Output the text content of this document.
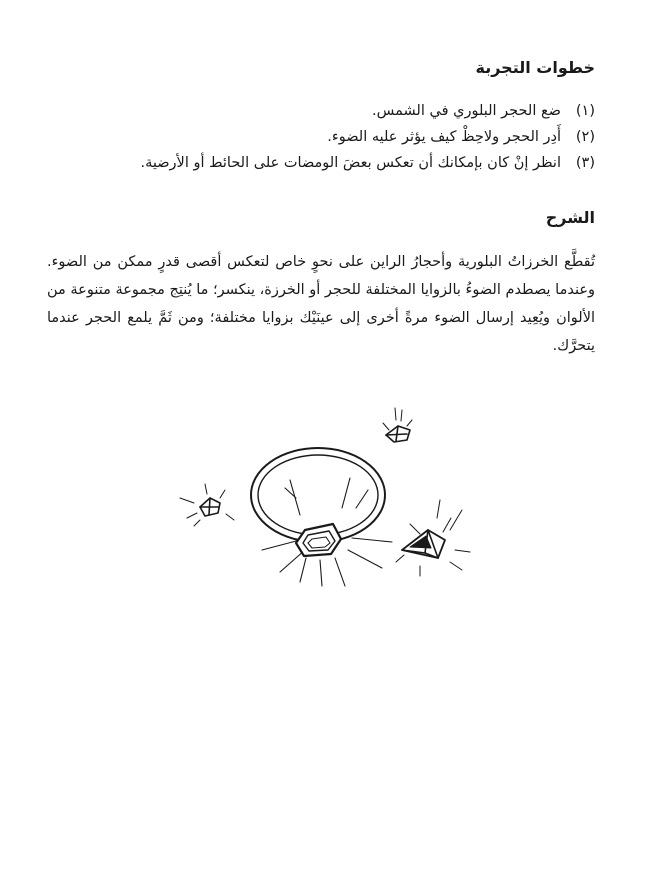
خطوات التجربة
(١)ضع الحجر البلوري في الشمس.
(٢)أَدِر الحجر ولاحِظْ كيف يؤثر عليه الضوء.
(٣)انظر إنْ كان بإمكانك أن تعكس بعضَ الومضات على الحائط أو الأرضية.
الشرح

تُقطَّع الخرزاتُ البلورية وأحجارُ الراين على نحوٍ خاص لتعكس أقصى قدرٍ ممكن من الضوء. وعندما يصطدم الضوءُ بالزوايا المختلفة للحجر أو الخرزة، ينكسر؛ ما يُنتِج مجموعة متنوعة من الألوان ويُعِيد إرسال الضوء مرةً أخرى إلى عينَيْك بزوايا مختلفة؛ ومن ثَمَّ يلمع الحجر عندما يتحرَّك.
